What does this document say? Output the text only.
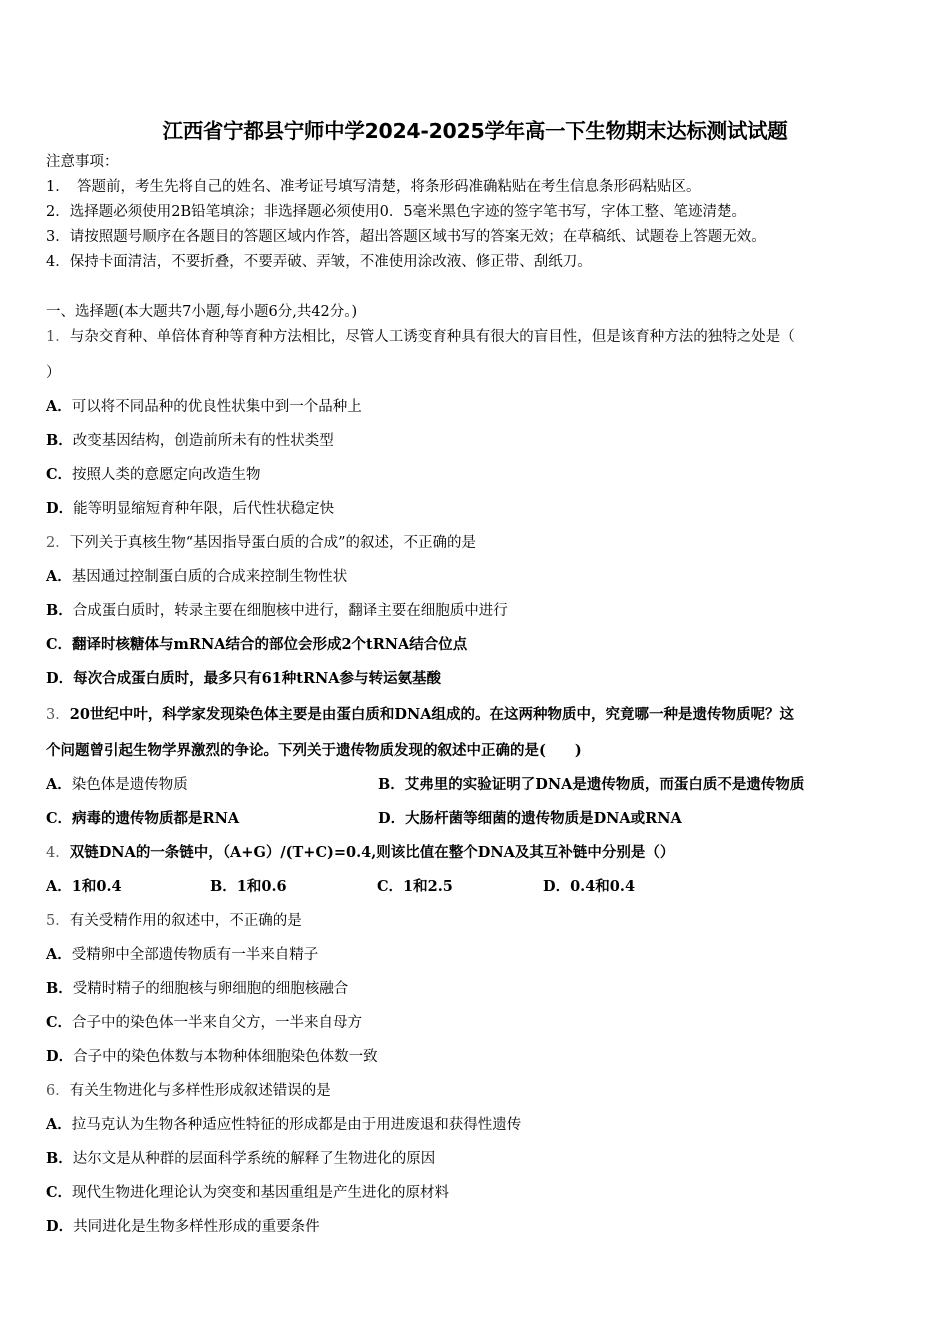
江西省宁都县宁师中学2024-2025学年高一下生物期末达标测试试题
注意事项：
1．　答题前，考生先将自己的姓名、准考证号填写清楚，将条形码准确粘贴在考生信息条形码粘贴区。
2．选择题必须使用2B铅笔填涂；非选择题必须使用0．5毫米黑色字迹的签字笔书写，字体工整、笔迹清楚。
3．请按照题号顺序在各题目的答题区域内作答，超出答题区域书写的答案无效；在草稿纸、试题卷上答题无效。
4．保持卡面清洁，不要折叠，不要弄破、弄皱，不准使用涂改液、修正带、刮纸刀。
一、选择题(本大题共7小题,每小题6分,共42分。)
1．与杂交育种、单倍体育种等育种方法相比，尽管人工诱变育种具有很大的盲目性，但是该育种方法的独特之处是（
）
A．可以将不同品种的优良性状集中到一个品种上
B．改变基因结构，创造前所未有的性状类型
C．按照人类的意愿定向改造生物
D．能等明显缩短育种年限，后代性状稳定快
2．下列关于真核生物“基因指导蛋白质的合成”的叙述，不正确的是
A．基因通过控制蛋白质的合成来控制生物性状
B．合成蛋白质时，转录主要在细胞核中进行，翻译主要在细胞质中进行
C．翻译时核糖体与mRNA结合的部位会形成2个tRNA结合位点
D．每次合成蛋白质时，最多只有61种tRNA参与转运氨基酸
3．20世纪中叶，科学家发现染色体主要是由蛋白质和DNA组成的。在这两种物质中，究竟哪一种是遗传物质呢？这
个问题曾引起生物学界激烈的争论。下列关于遗传物质发现的叙述中正确的是(　　)
A．染色体是遗传物质	B．艾弗里的实验证明了DNA是遗传物质，而蛋白质不是遗传物质
C．病毒的遗传物质都是RNA	D．大肠杆菌等细菌的遗传物质是DNA或RNA
4．双链DNA的一条链中，（A+G）/(T+C)=0.4,则该比值在整个DNA及其互补链中分别是（）
A．1和0.4	B．1和0.6	C．1和2.5	D．0.4和0.4
5．有关受精作用的叙述中，不正确的是
A．受精卵中全部遗传物质有一半来自精子
B．受精时精子的细胞核与卵细胞的细胞核融合
C．合子中的染色体一半来自父方，一半来自母方
D．合子中的染色体数与本物种体细胞染色体数一致
6．有关生物进化与多样性形成叙述错误的是
A．拉马克认为生物各种适应性特征的形成都是由于用进废退和获得性遗传
B．达尔文是从种群的层面科学系统的解释了生物进化的原因
C．现代生物进化理论认为突变和基因重组是产生进化的原材料
D．共同进化是生物多样性形成的重要条件
